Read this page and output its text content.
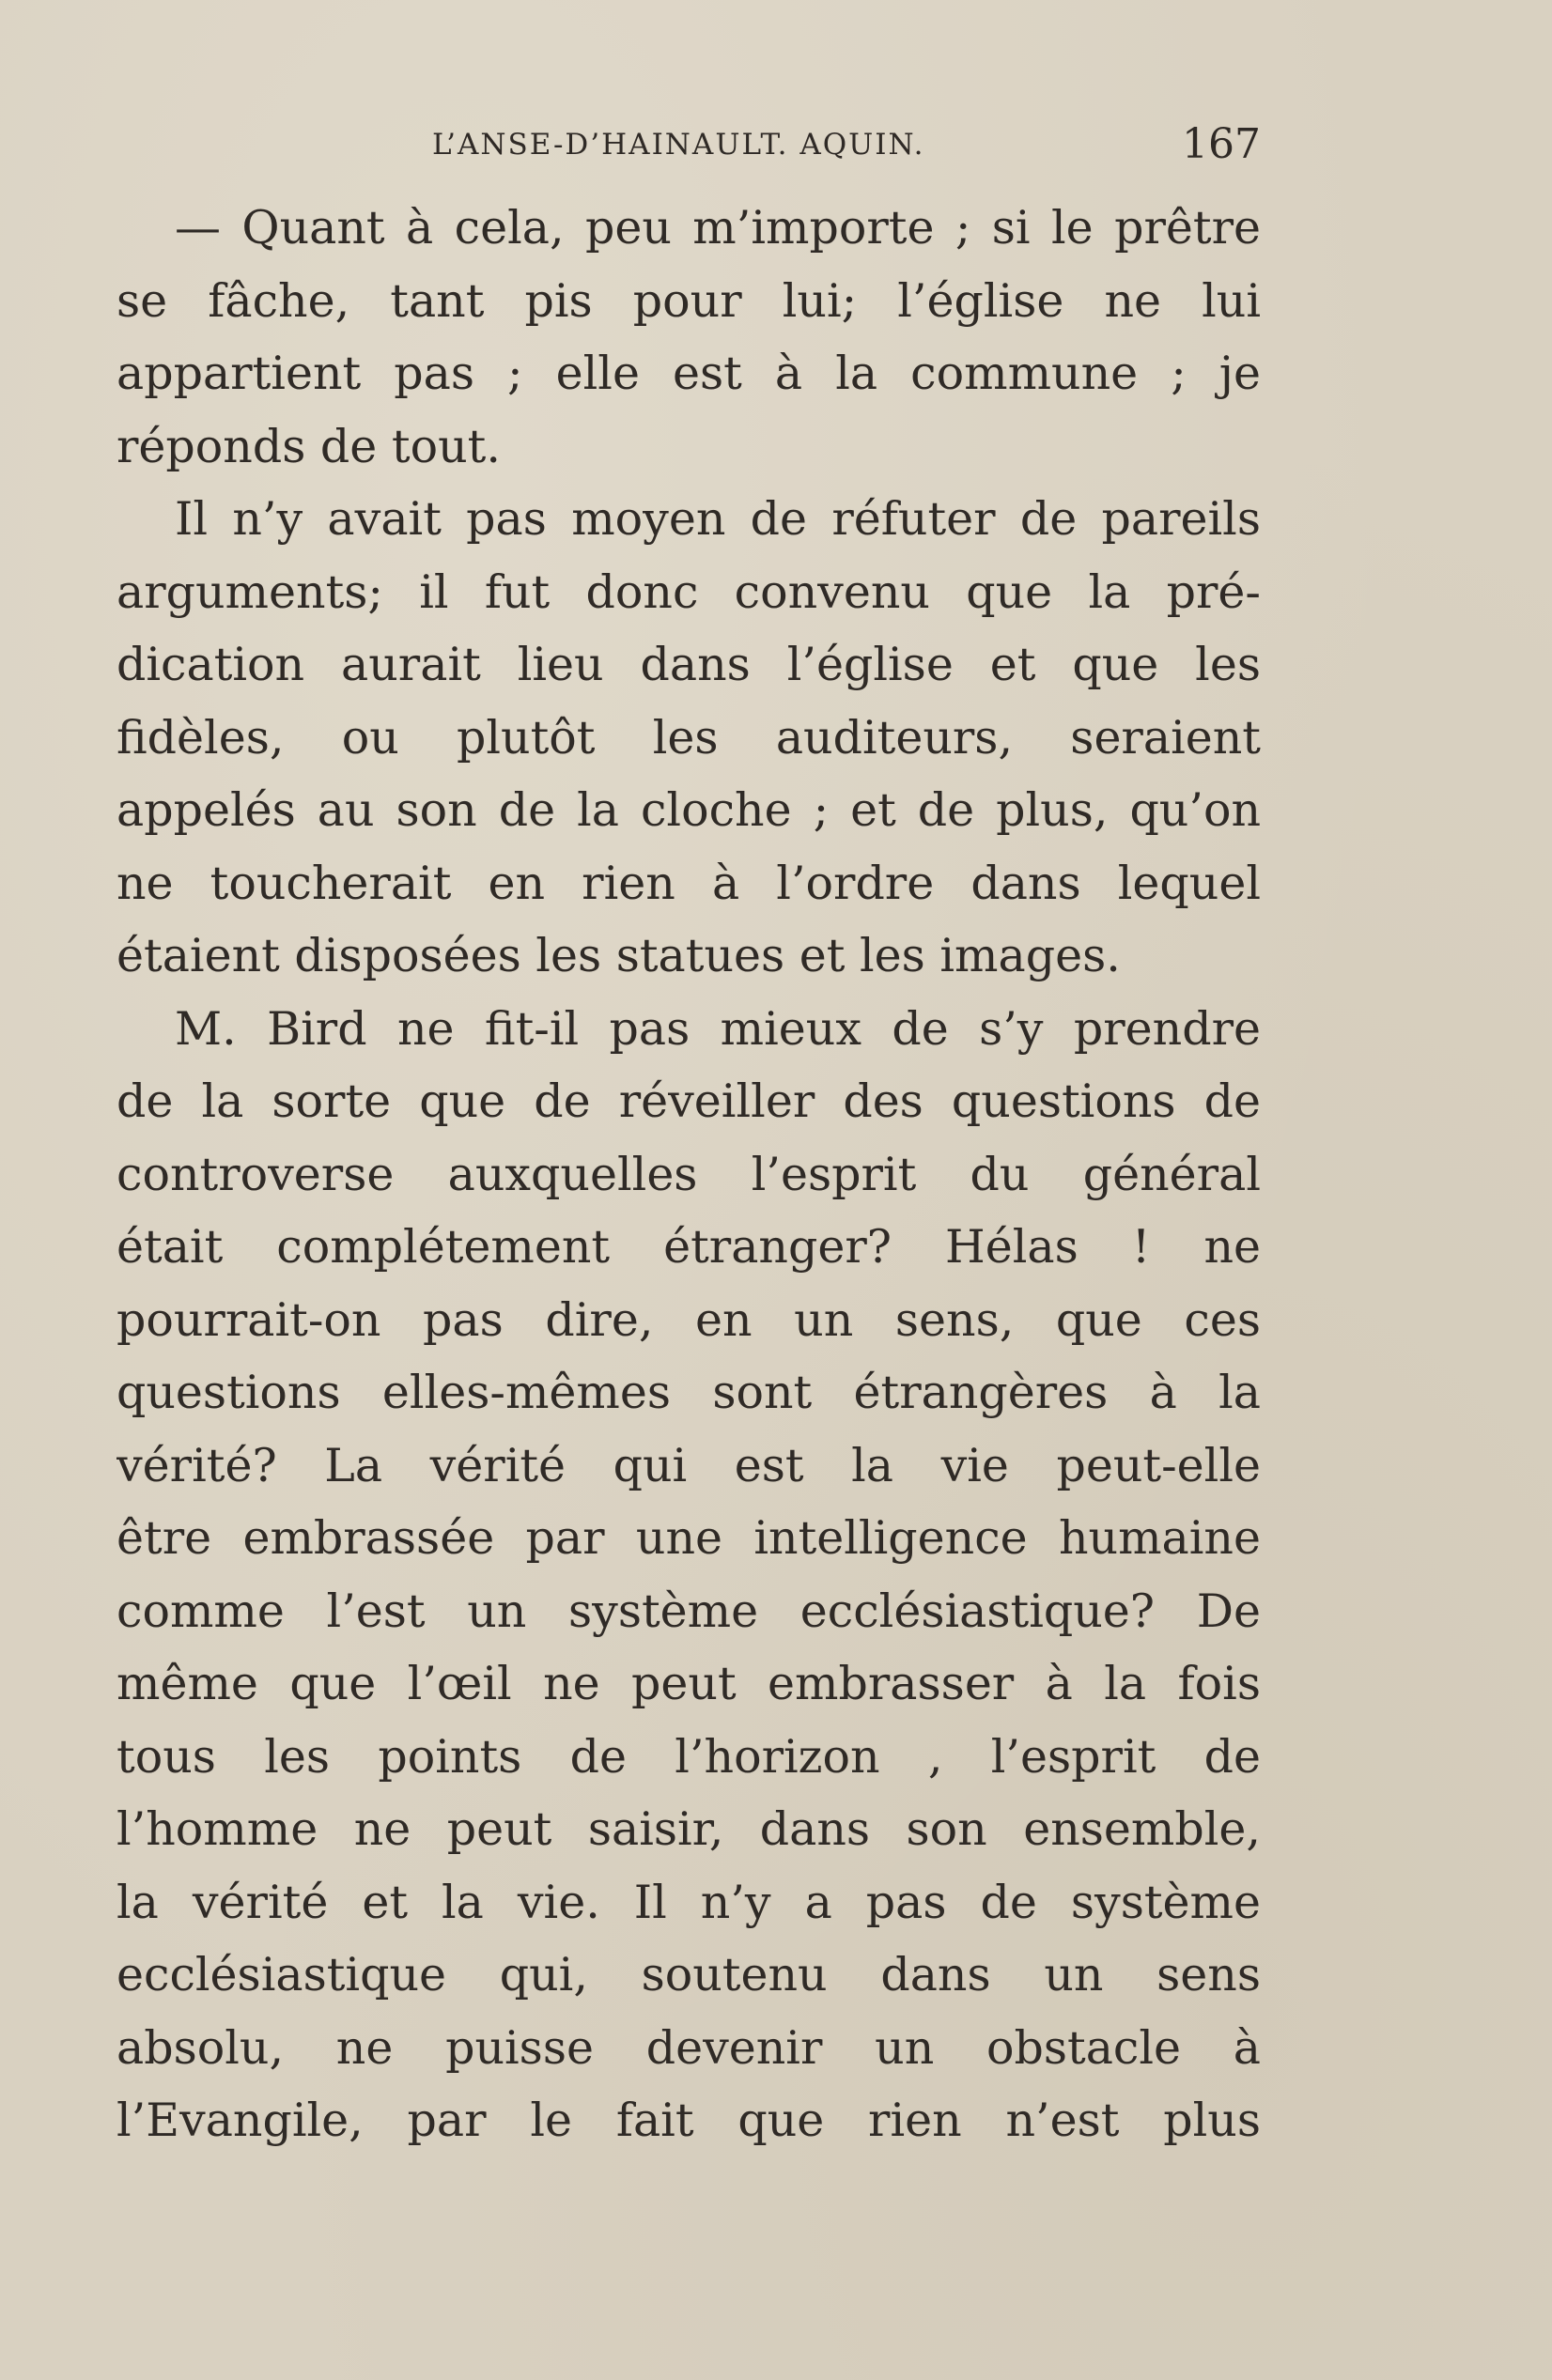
L’ANSE-D’HAINAULT. AQUIN.	167
— Quant à cela, peu m’importe ; si le prêtre
se fâche, tant pis pour lui; l’église ne lui
appartient pas ; elle est à la commune ; je
réponds de tout.
Il n’y avait pas moyen de réfuter de pareils
arguments; il fut donc convenu que la pré-
dication aurait lieu dans l’église et que les
fidèles, ou plutôt les auditeurs, seraient
appelés au son de la cloche ; et de plus, qu’on
ne toucherait en rien à l’ordre dans lequel
étaient disposées les statues et les images.
M. Bird ne fit-il pas mieux de s’y prendre
de la sorte que de réveiller des questions de
controverse auxquelles l’esprit du général
était complétement étranger? Hélas ! ne
pourrait-on pas dire, en un sens, que ces
questions elles-mêmes sont étrangères à la
vérité? La vérité qui est la vie peut-elle
être embrassée par une intelligence humaine
comme l’est un système ecclésiastique? De
même que l’œil ne peut embrasser à la fois
tous les points de l’horizon , l’esprit de
l’homme ne peut saisir, dans son ensemble,
la vérité et la vie. Il n’y a pas de système
ecclésiastique qui, soutenu dans un sens
absolu, ne puisse devenir un obstacle à
l’Evangile, par le fait que rien n’est plus
